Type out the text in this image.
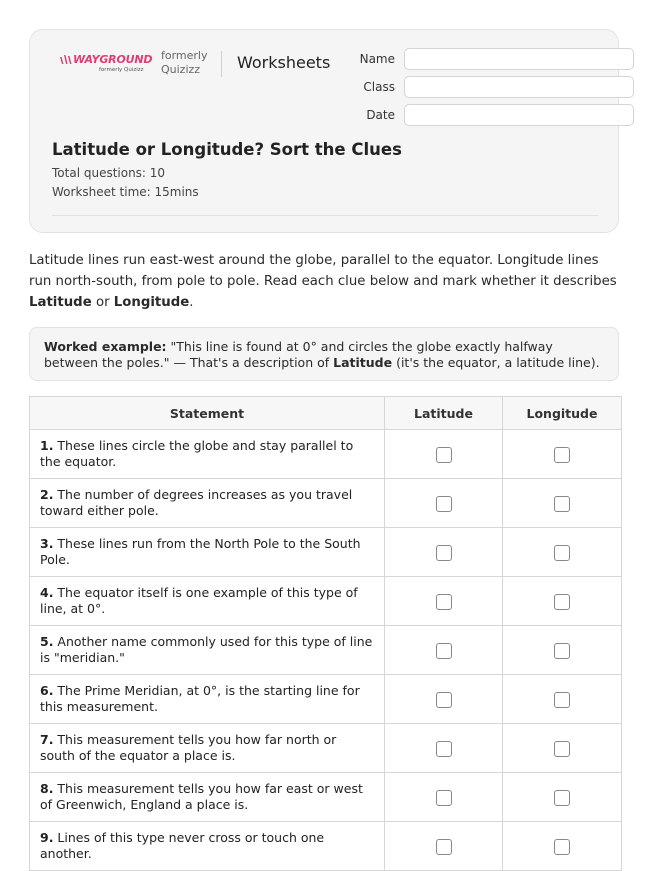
WAYGROUND
formerly Quizizz
formerly
Quizizz	Worksheets	Name
Class
Date
Latitude or Longitude? Sort the Clues
Total questions: 10
Worksheet time: 15mins
Latitude lines run east-west around the globe, parallel to the equator. Longitude lines run north-south, from pole to pole. Read each clue below and mark whether it describes Latitude or Longitude.
Worked example: "This line is found at 0° and circles the globe exactly halfway between the poles." — That's a description of Latitude (it's the equator, a latitude line).
Statement	Latitude	Longitude
1. These lines circle the globe and stay parallel to the equator.		
2. The number of degrees increases as you travel toward either pole.		
3. These lines run from the North Pole to the South Pole.		
4. The equator itself is one example of this type of line, at 0°.		
5. Another name commonly used for this type of line is "meridian."		
6. The Prime Meridian, at 0°, is the starting line for this measurement.		
7. This measurement tells you how far north or south of the equator a place is.		
8. This measurement tells you how far east or west of Greenwich, England a place is.		
9. Lines of this type never cross or touch one another.		
